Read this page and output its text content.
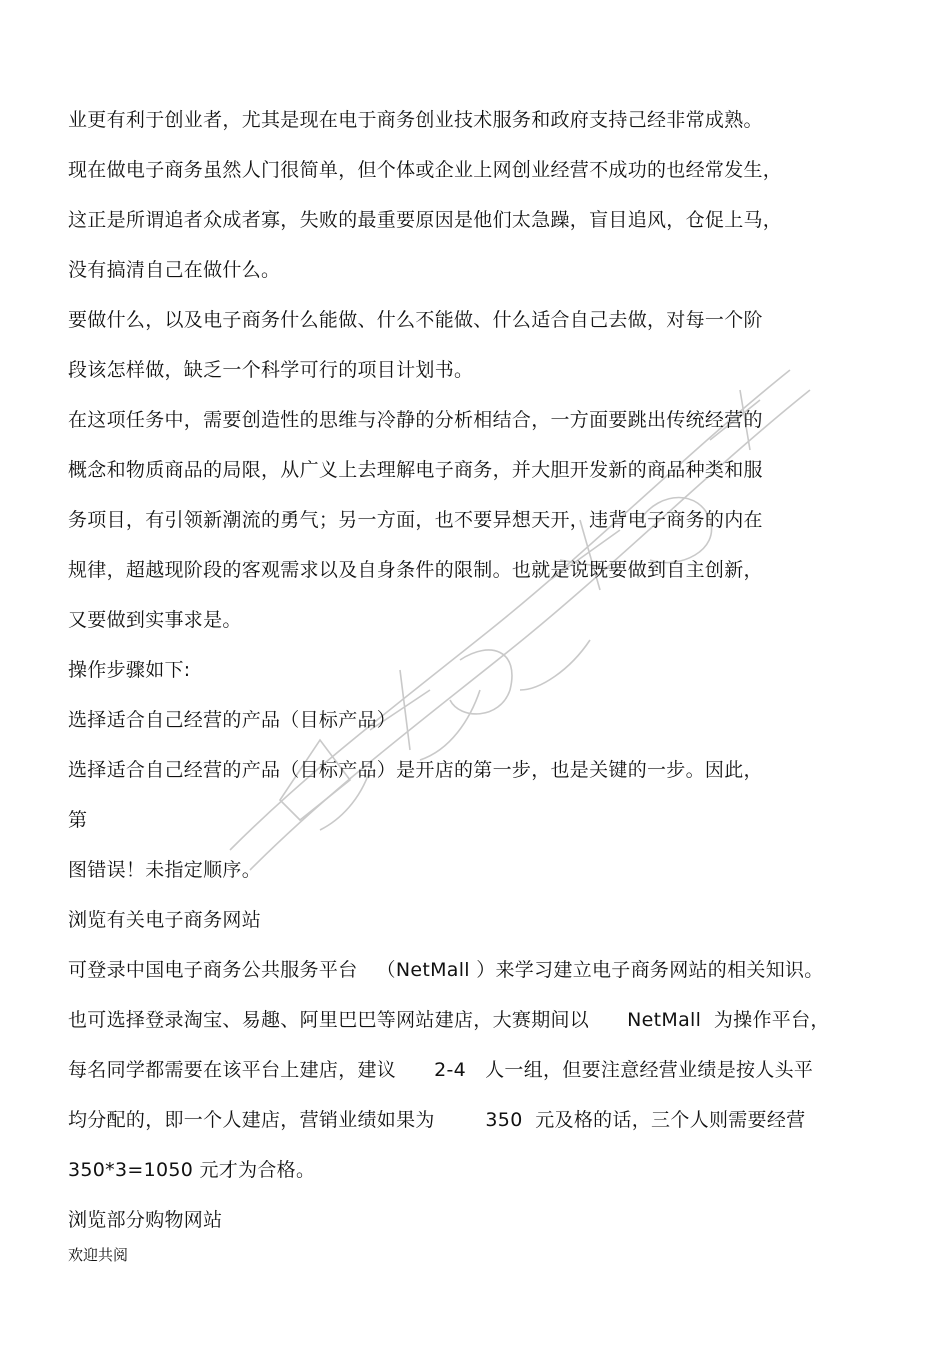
业更有利于创业者，尤其是现在电于商务创业技术服务和政府支持己经非常成熟。
现在做电子商务虽然人门很简单，但个体或企业上网创业经营不成功的也经常发生，
这正是所谓追者众成者寡，失败的最重要原因是他们太急躁，盲目追风，仓促上马，
没有搞清自己在做什么。
要做什么，以及电子商务什么能做、什么不能做、什么适合自己去做，对每一个阶
段该怎样做，缺乏一个科学可行的项目计划书。
在这项任务中，需要创造性的思维与冷静的分析相结合，一方面要跳出传统经营的
概念和物质商品的局限，从广义上去理解电子商务，并大胆开发新的商品种类和服
务项目，有引领新潮流的勇气；另一方面，也不要异想天开，违背电子商务的内在
规律，超越现阶段的客观需求以及自身条件的限制。也就是说既要做到自主创新，
又要做到实事求是。
操作步骤如下:
选择适合自己经营的产品（目标产品）
选择适合自己经营的产品（目标产品）是开店的第一步，也是关键的一步。因此，
第
图错误！未指定顺序。
浏览有关电子商务网站
可登录中国电子商务公共服务平台   （NetMall ）来学习建立电子商务网站的相关知识。
也可选择登录淘宝、易趣、阿里巴巴等网站建店，大赛期间以      NetMall  为操作平台，
每名同学都需要在该平台上建店，建议      2-4   人一组，但要注意经营业绩是按人头平
均分配的，即一个人建店，营销业绩如果为        350  元及格的话，三个人则需要经营
350*3=1050 元才为合格。
浏览部分购物网站
欢迎共阅
